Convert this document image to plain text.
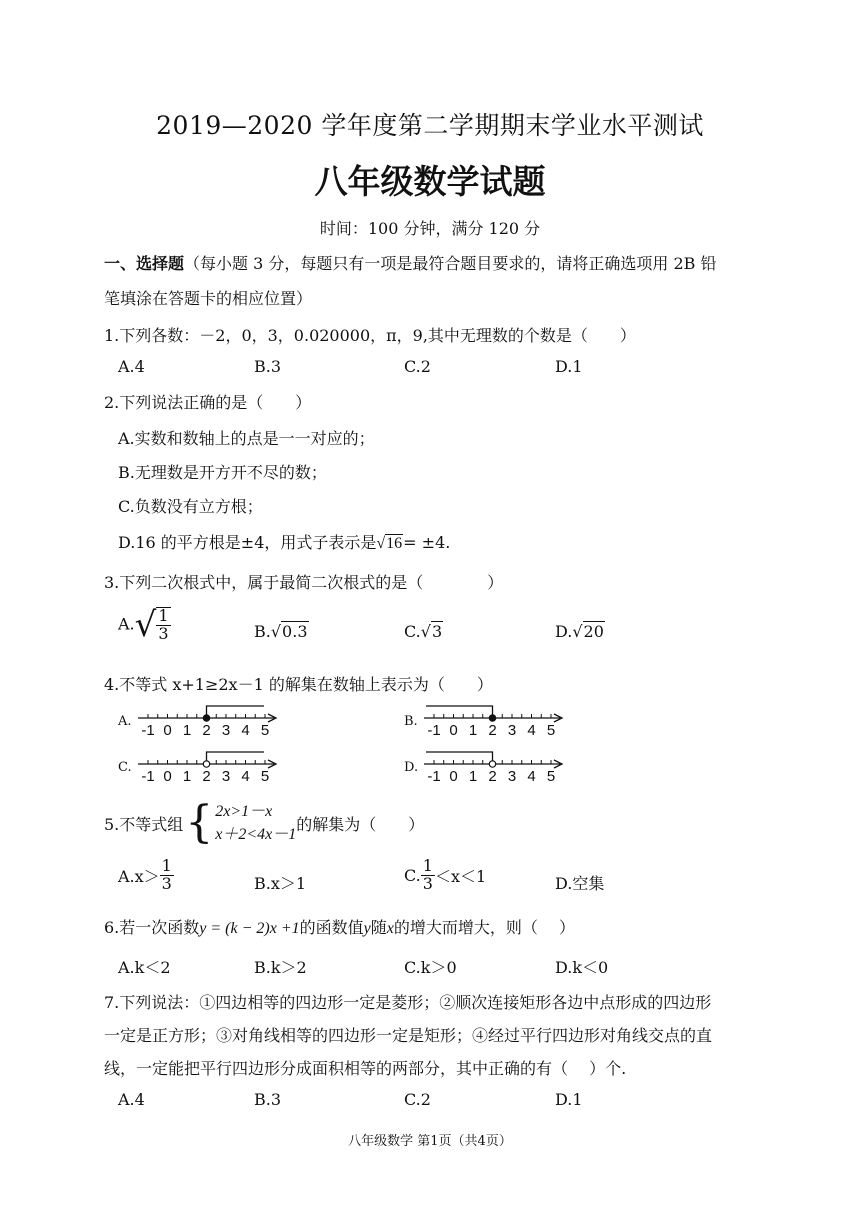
2019—2020 学年度第二学期期末学业水平测试
八年级数学试题
时间：100 分钟，满分 120 分
一、选择题（每小题 3 分，每题只有一项是最符合题目要求的，请将正确选项用 2B 铅
笔填涂在答题卡的相应位置）
1.下列各数：－2，0，3，0.020000，π，9,其中无理数的个数是（　　）
A.4	B.3	C.2	D.1
2.下列说法正确的是（　　）
A.实数和数轴上的点是一一对应的；
B.无理数是开方开不尽的数；
C.负数没有立方根；
D.16 的平方根是±4，用式子表示是√16= ±4.
3.下列二次根式中，属于最简二次根式的是（　　　　）
$A.√ \frac{1}{3}$	B.√0.3	C.√3	D.√20
4.不等式 x+1≥2x－1 的解集在数轴上表示为（　　）
A.
-1 0 1 2 3 4 5
B.
-1 0 1 2 3 4 5
C.
-1 0 1 2 3 4 5
D.
-1 0 1 2 3 4 5
5.不等式组 { 2x>1－x
x＋2<4x－1
的解集为（　　）
$A.x> \frac{1}{3}$	B.x＞1	C. $\frac{1}{3} <x<1$	D.空集
6.若一次函数y = (k − 2)x +1的函数值y随x的增大而增大，则（　 ）
A.k＜2	B.k＞2	C.k＞0	D.k＜0
7.下列说法：①四边相等的四边形一定是菱形；②顺次连接矩形各边中点形成的四边形
一定是正方形；③对角线相等的四边形一定是矩形；④经过平行四边形对角线交点的直
线，一定能把平行四边形分成面积相等的两部分，其中正确的有（　 ）个.
A.4	B.3	C.2	D.1
八年级数学 第1页（共4页）
